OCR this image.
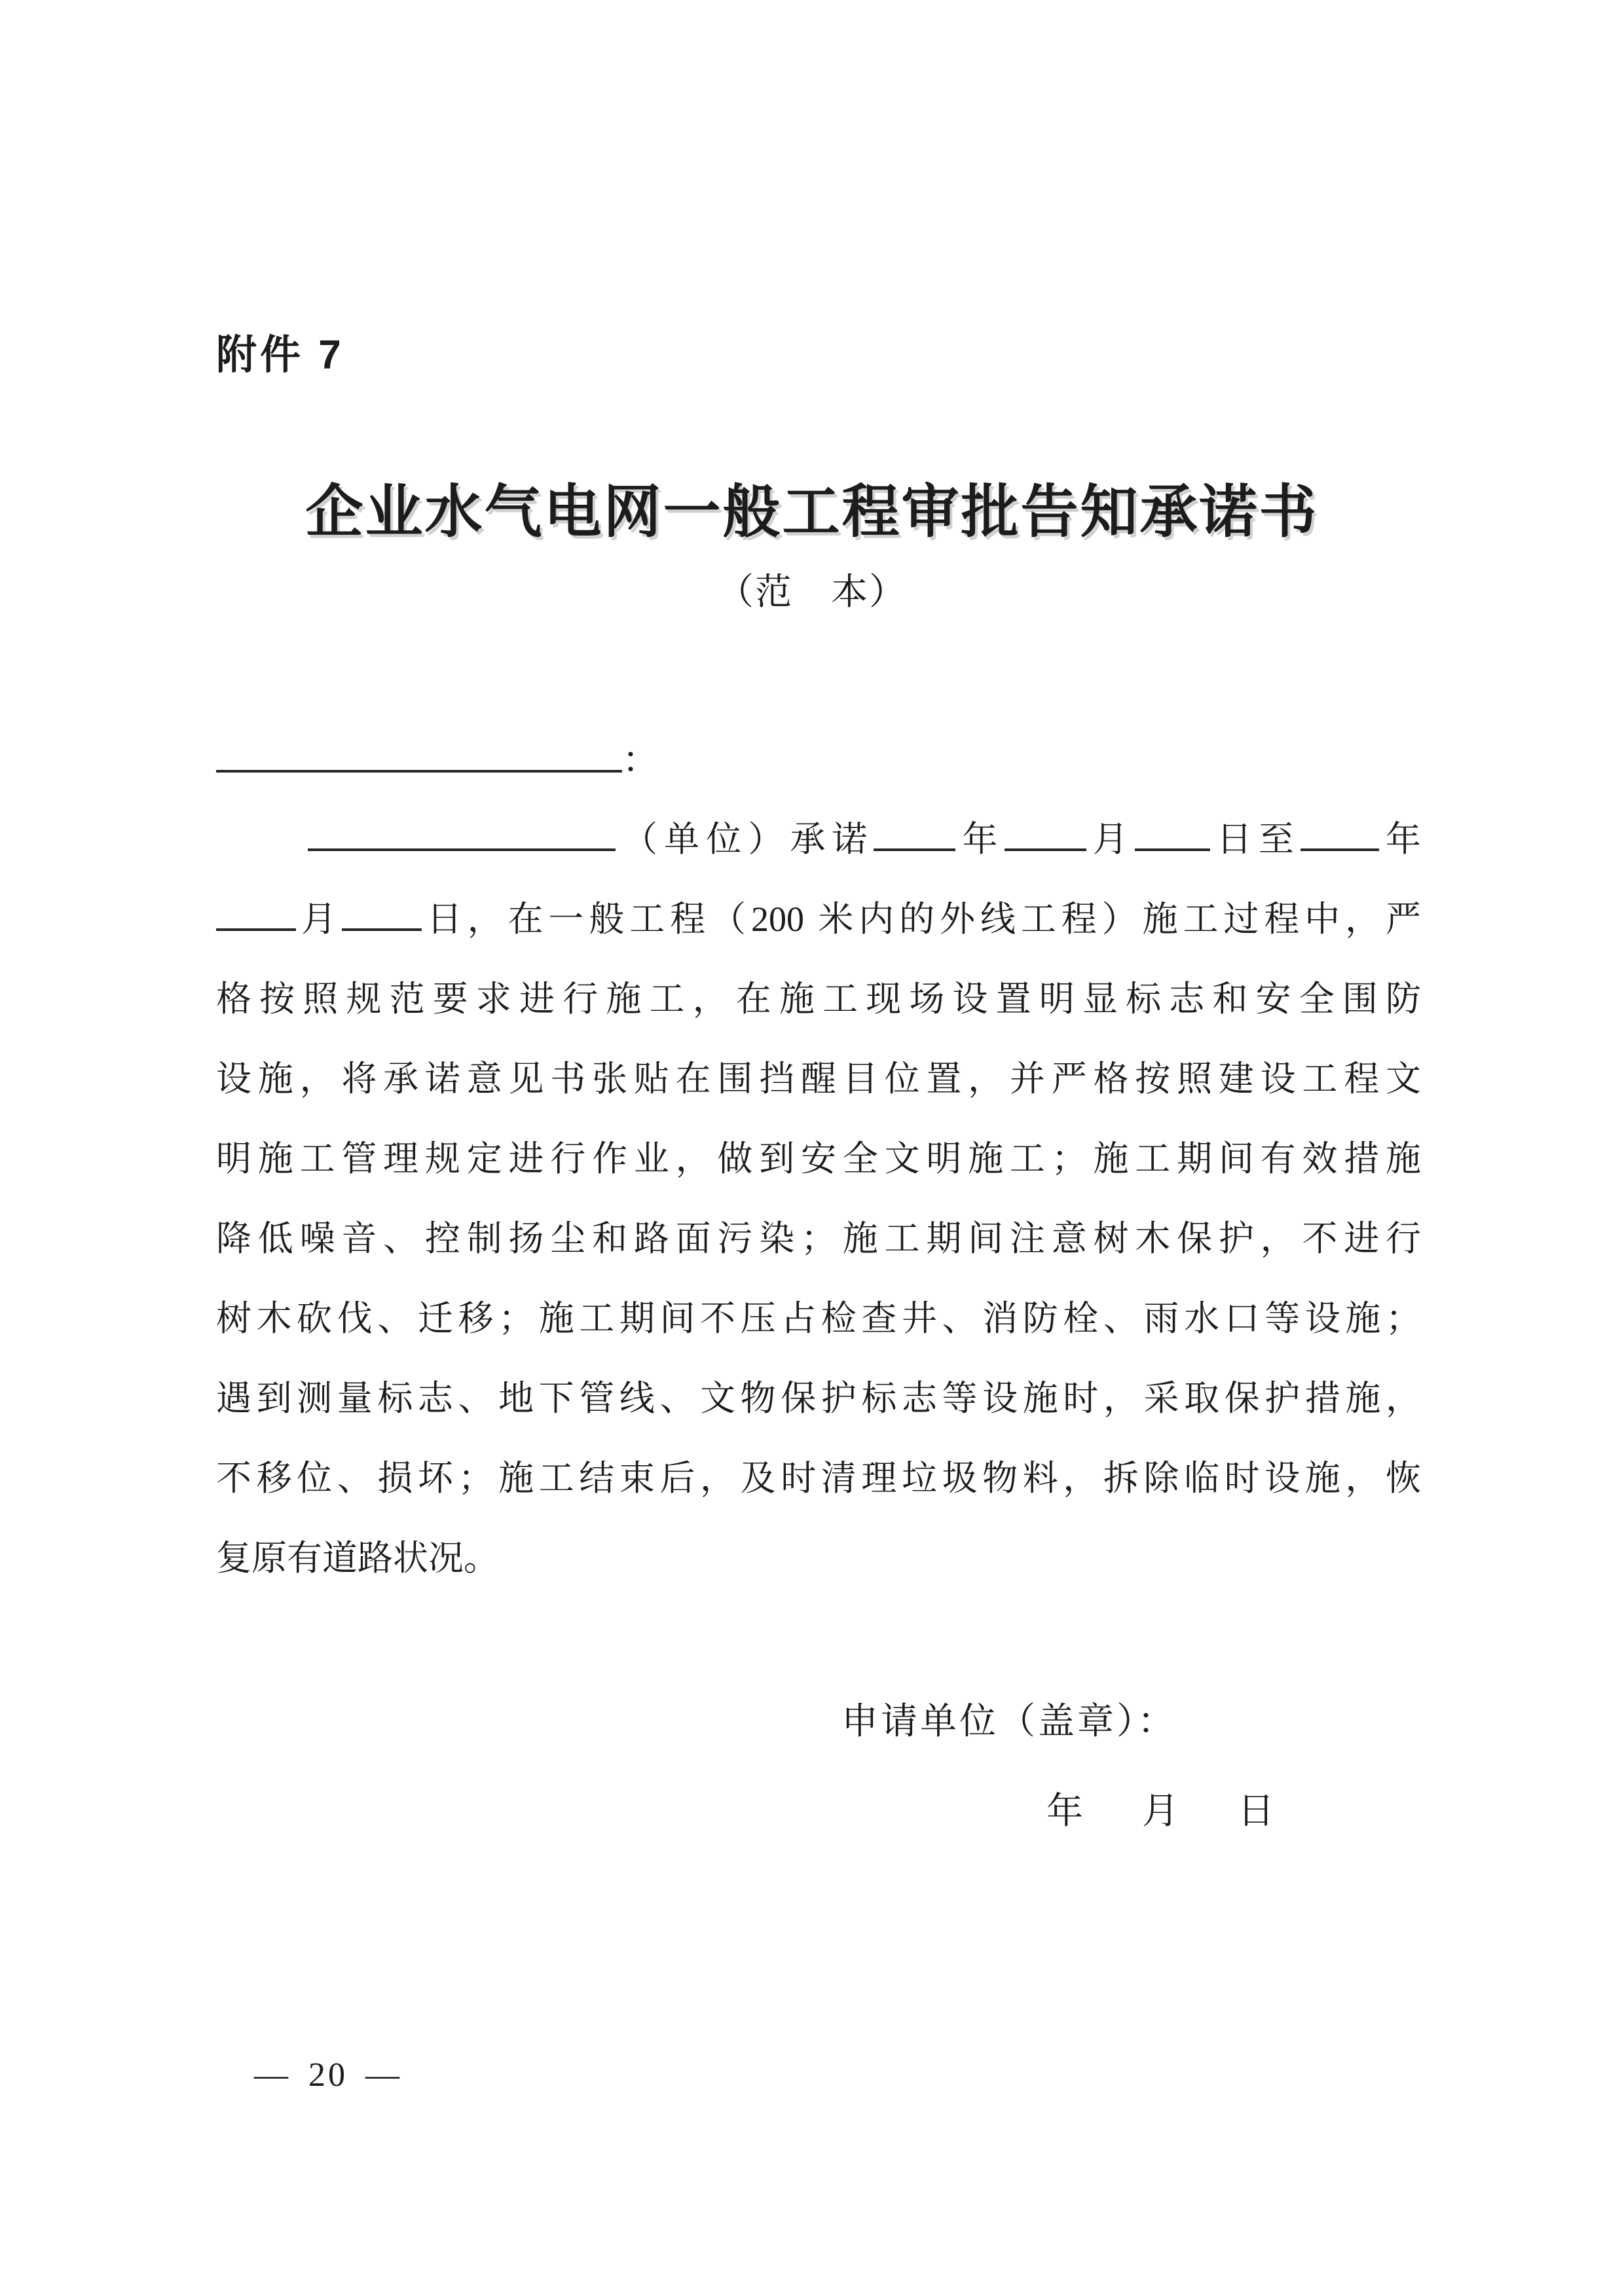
附件 7
企业水气电网一般工程审批告知承诺书
（范　本）
：
（单位）承诺 年 月 日至 年
月 日，在一般工程（200 米内的外线工程）施工过程中，严
格按照规范要求进行施工，在施工现场设置明显标志和安全围防
设施，将承诺意见书张贴在围挡醒目位置，并严格按照建设工程文
明施工管理规定进行作业，做到安全文明施工；施工期间有效措施
降低噪音、控制扬尘和路面污染；施工期间注意树木保护，不进行
树木砍伐、迁移；施工期间不压占检查井、消防栓、雨水口等设施；
遇到测量标志、地下管线、文物保护标志等设施时，采取保护措施，
不移位、损坏；施工结束后，及时清理垃圾物料，拆除临时设施，恢
复原有道路状况。
申请单位（盖章）：
年 月 日
— 20 —
